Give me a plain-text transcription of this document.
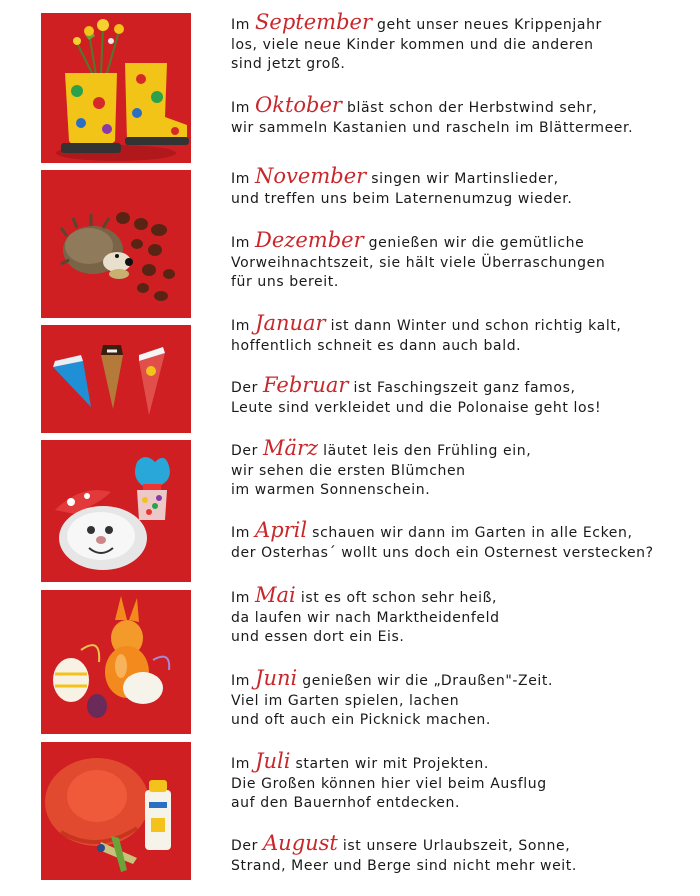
Im September geht unser neues Krippenjahr
los, viele neue Kinder kommen und die anderen
sind jetzt groß.
Im Oktober bläst schon der Herbstwind sehr,
wir sammeln Kastanien und rascheln im Blättermeer.
Im November singen wir Martinslieder,
und treffen uns beim Laternenumzug wieder.
Im Dezember genießen wir die gemütliche
Vorweihnachtszeit, sie hält viele Überraschungen
für uns bereit.
Im Januar ist dann Winter und schon richtig kalt,
hoffentlich schneit es dann auch bald.
Der Februar ist Faschingszeit ganz famos,
Leute sind verkleidet und die Polonaise geht los!
Der März läutet leis den Frühling ein,
wir sehen die ersten Blümchen
im warmen Sonnenschein.
Im April schauen wir dann im Garten in alle Ecken,
der Osterhas´ wollt uns doch ein Osternest verstecken?
Im Mai ist es oft schon sehr heiß,
da laufen wir nach Marktheidenfeld
und essen dort ein Eis.
Im Juni genießen wir die „Draußen"-Zeit.
Viel im Garten spielen, lachen
und oft auch ein Picknick machen.
Im Juli starten wir mit Projekten.
Die Großen können hier viel beim Ausflug
auf den Bauernhof entdecken.
Der August ist unsere Urlaubszeit, Sonne,
Strand, Meer und Berge sind nicht mehr weit.
